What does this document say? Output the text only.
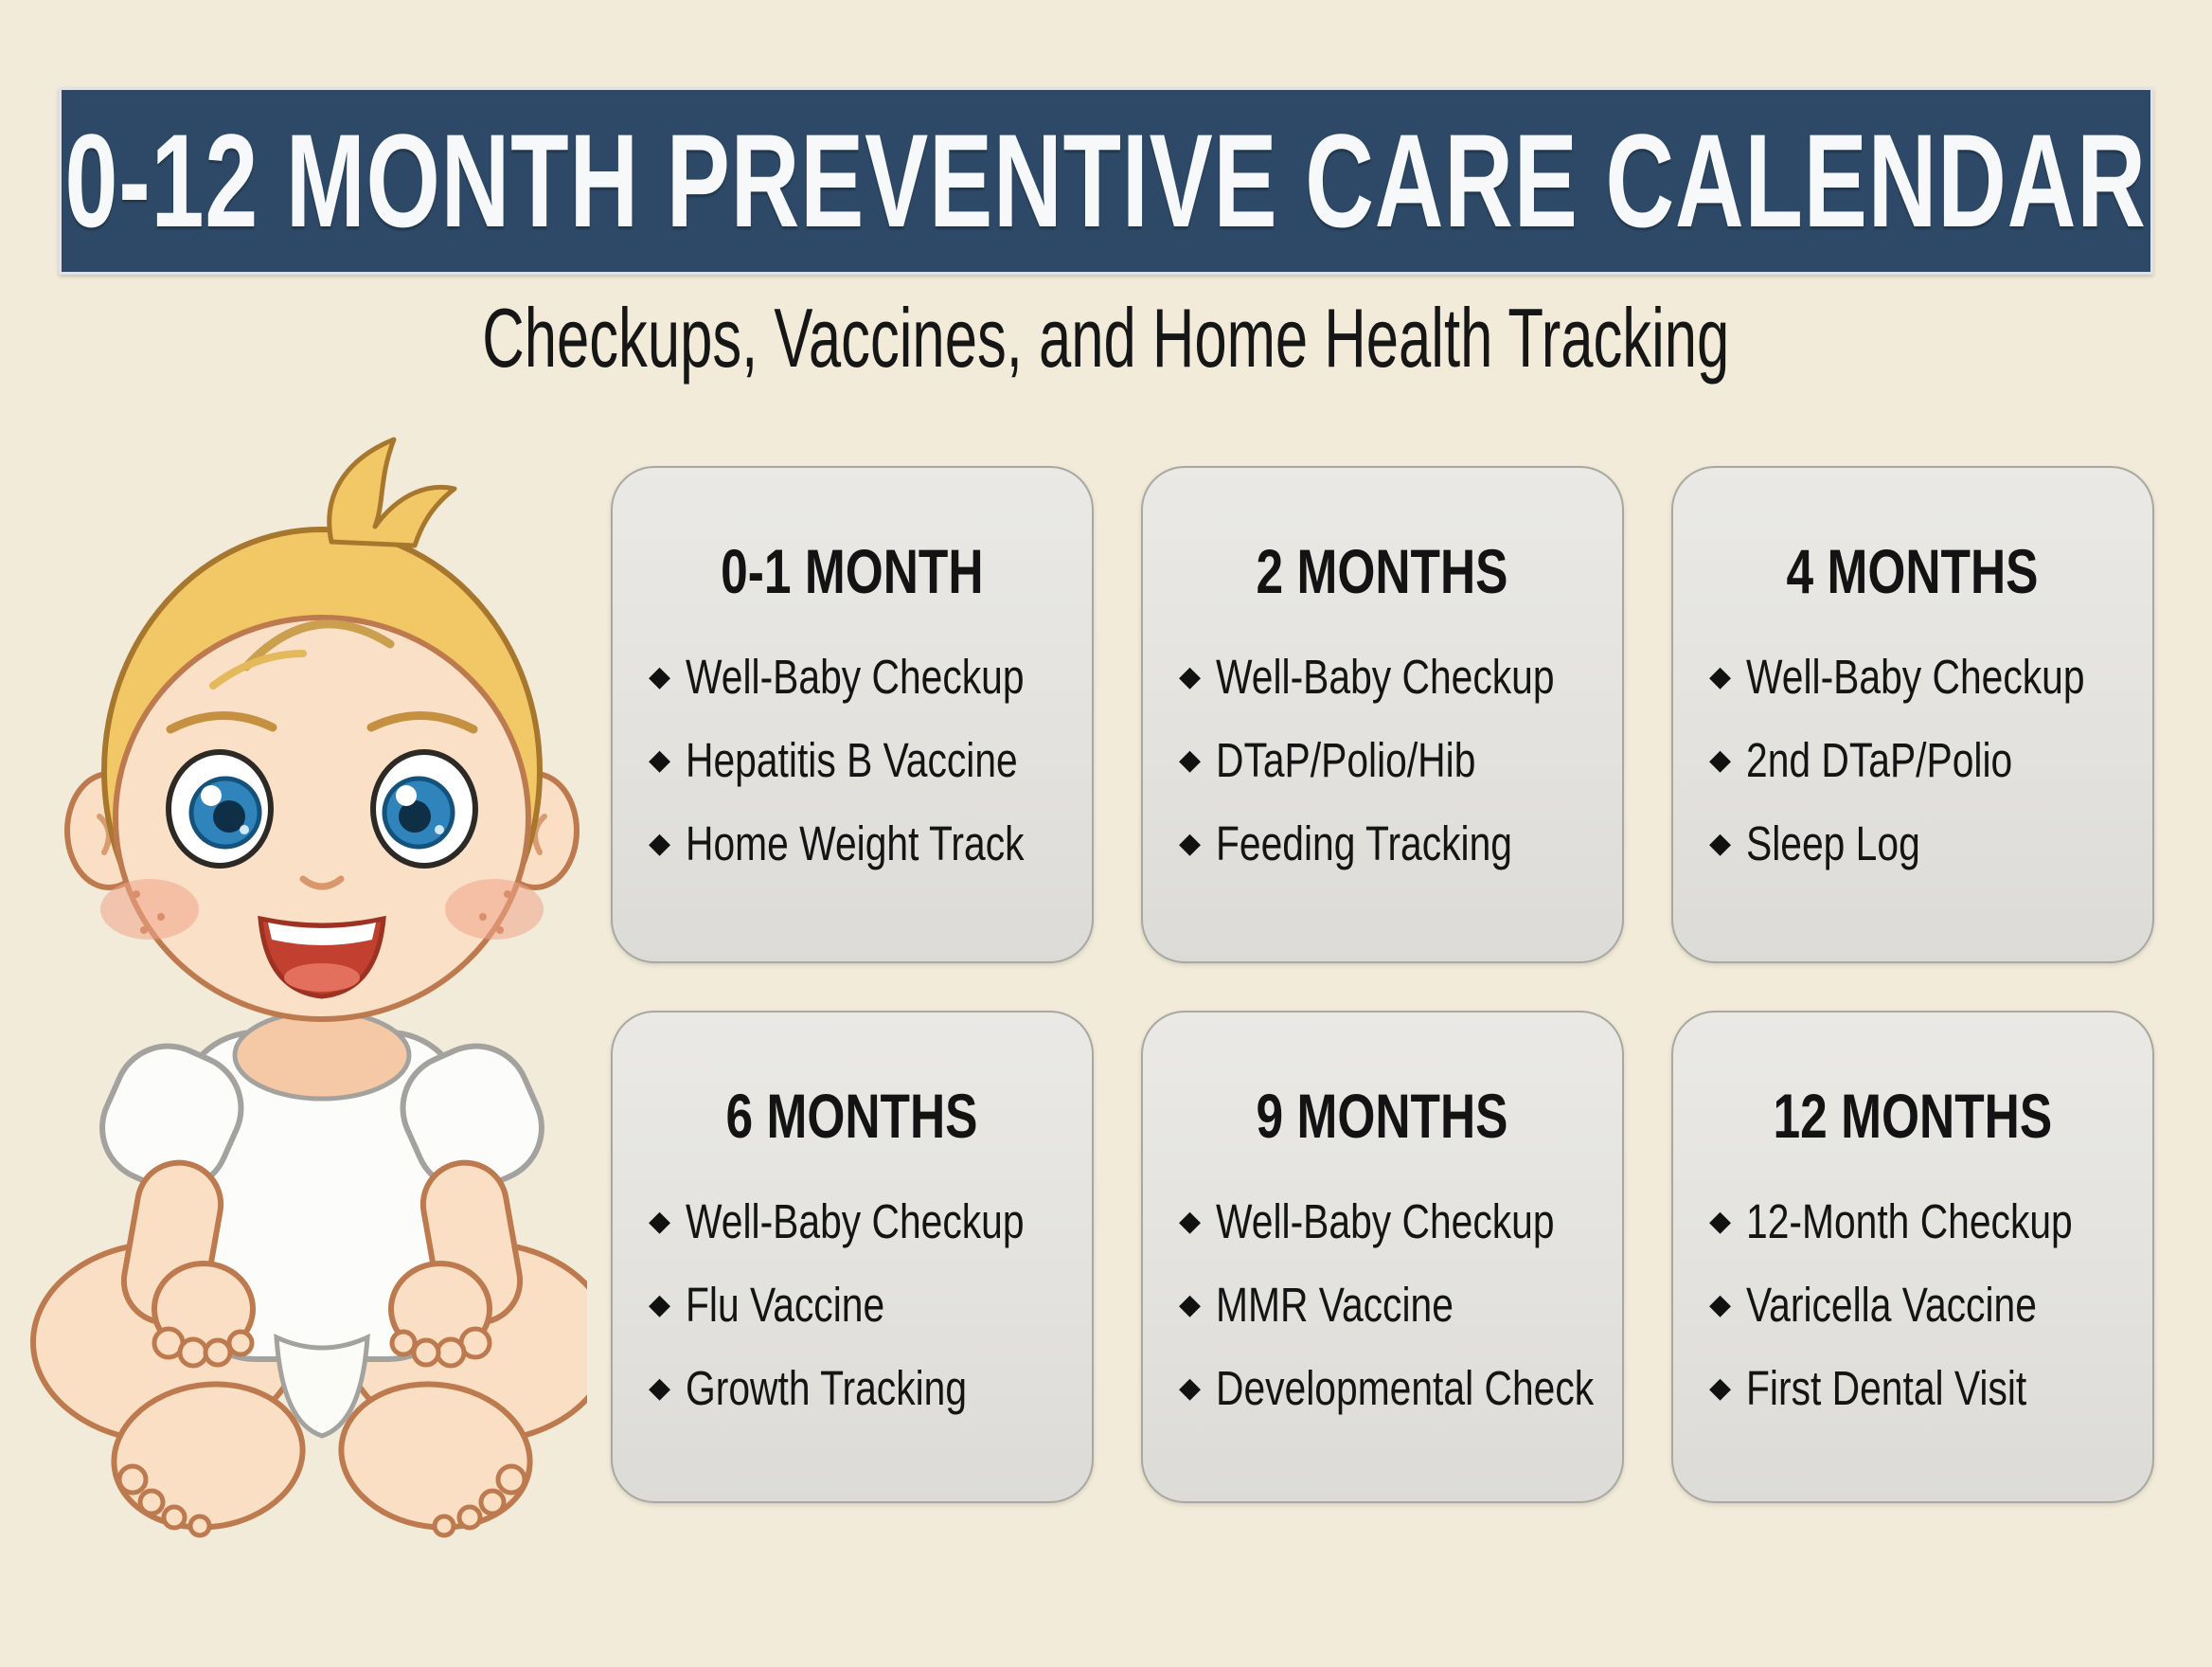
0-12 MONTH PREVENTIVE CARE CALENDAR
Checkups, Vaccines, and Home Health Tracking
0-1 MONTH
◆ Well-Baby Checkup
◆ Hepatitis B Vaccine
◆ Home Weight Track
2 MONTHS
◆ Well-Baby Checkup
◆ DTaP/Polio/Hib
◆ Feeding Tracking
4 MONTHS
◆ Well-Baby Checkup
◆ 2nd DTaP/Polio
◆ Sleep Log
6 MONTHS
◆ Well-Baby Checkup
◆ Flu Vaccine
◆ Growth Tracking
9 MONTHS
◆ Well-Baby Checkup
◆ MMR Vaccine
◆ Developmental Check
12 MONTHS
◆ 12-Month Checkup
◆ Varicella Vaccine
◆ First Dental Visit
